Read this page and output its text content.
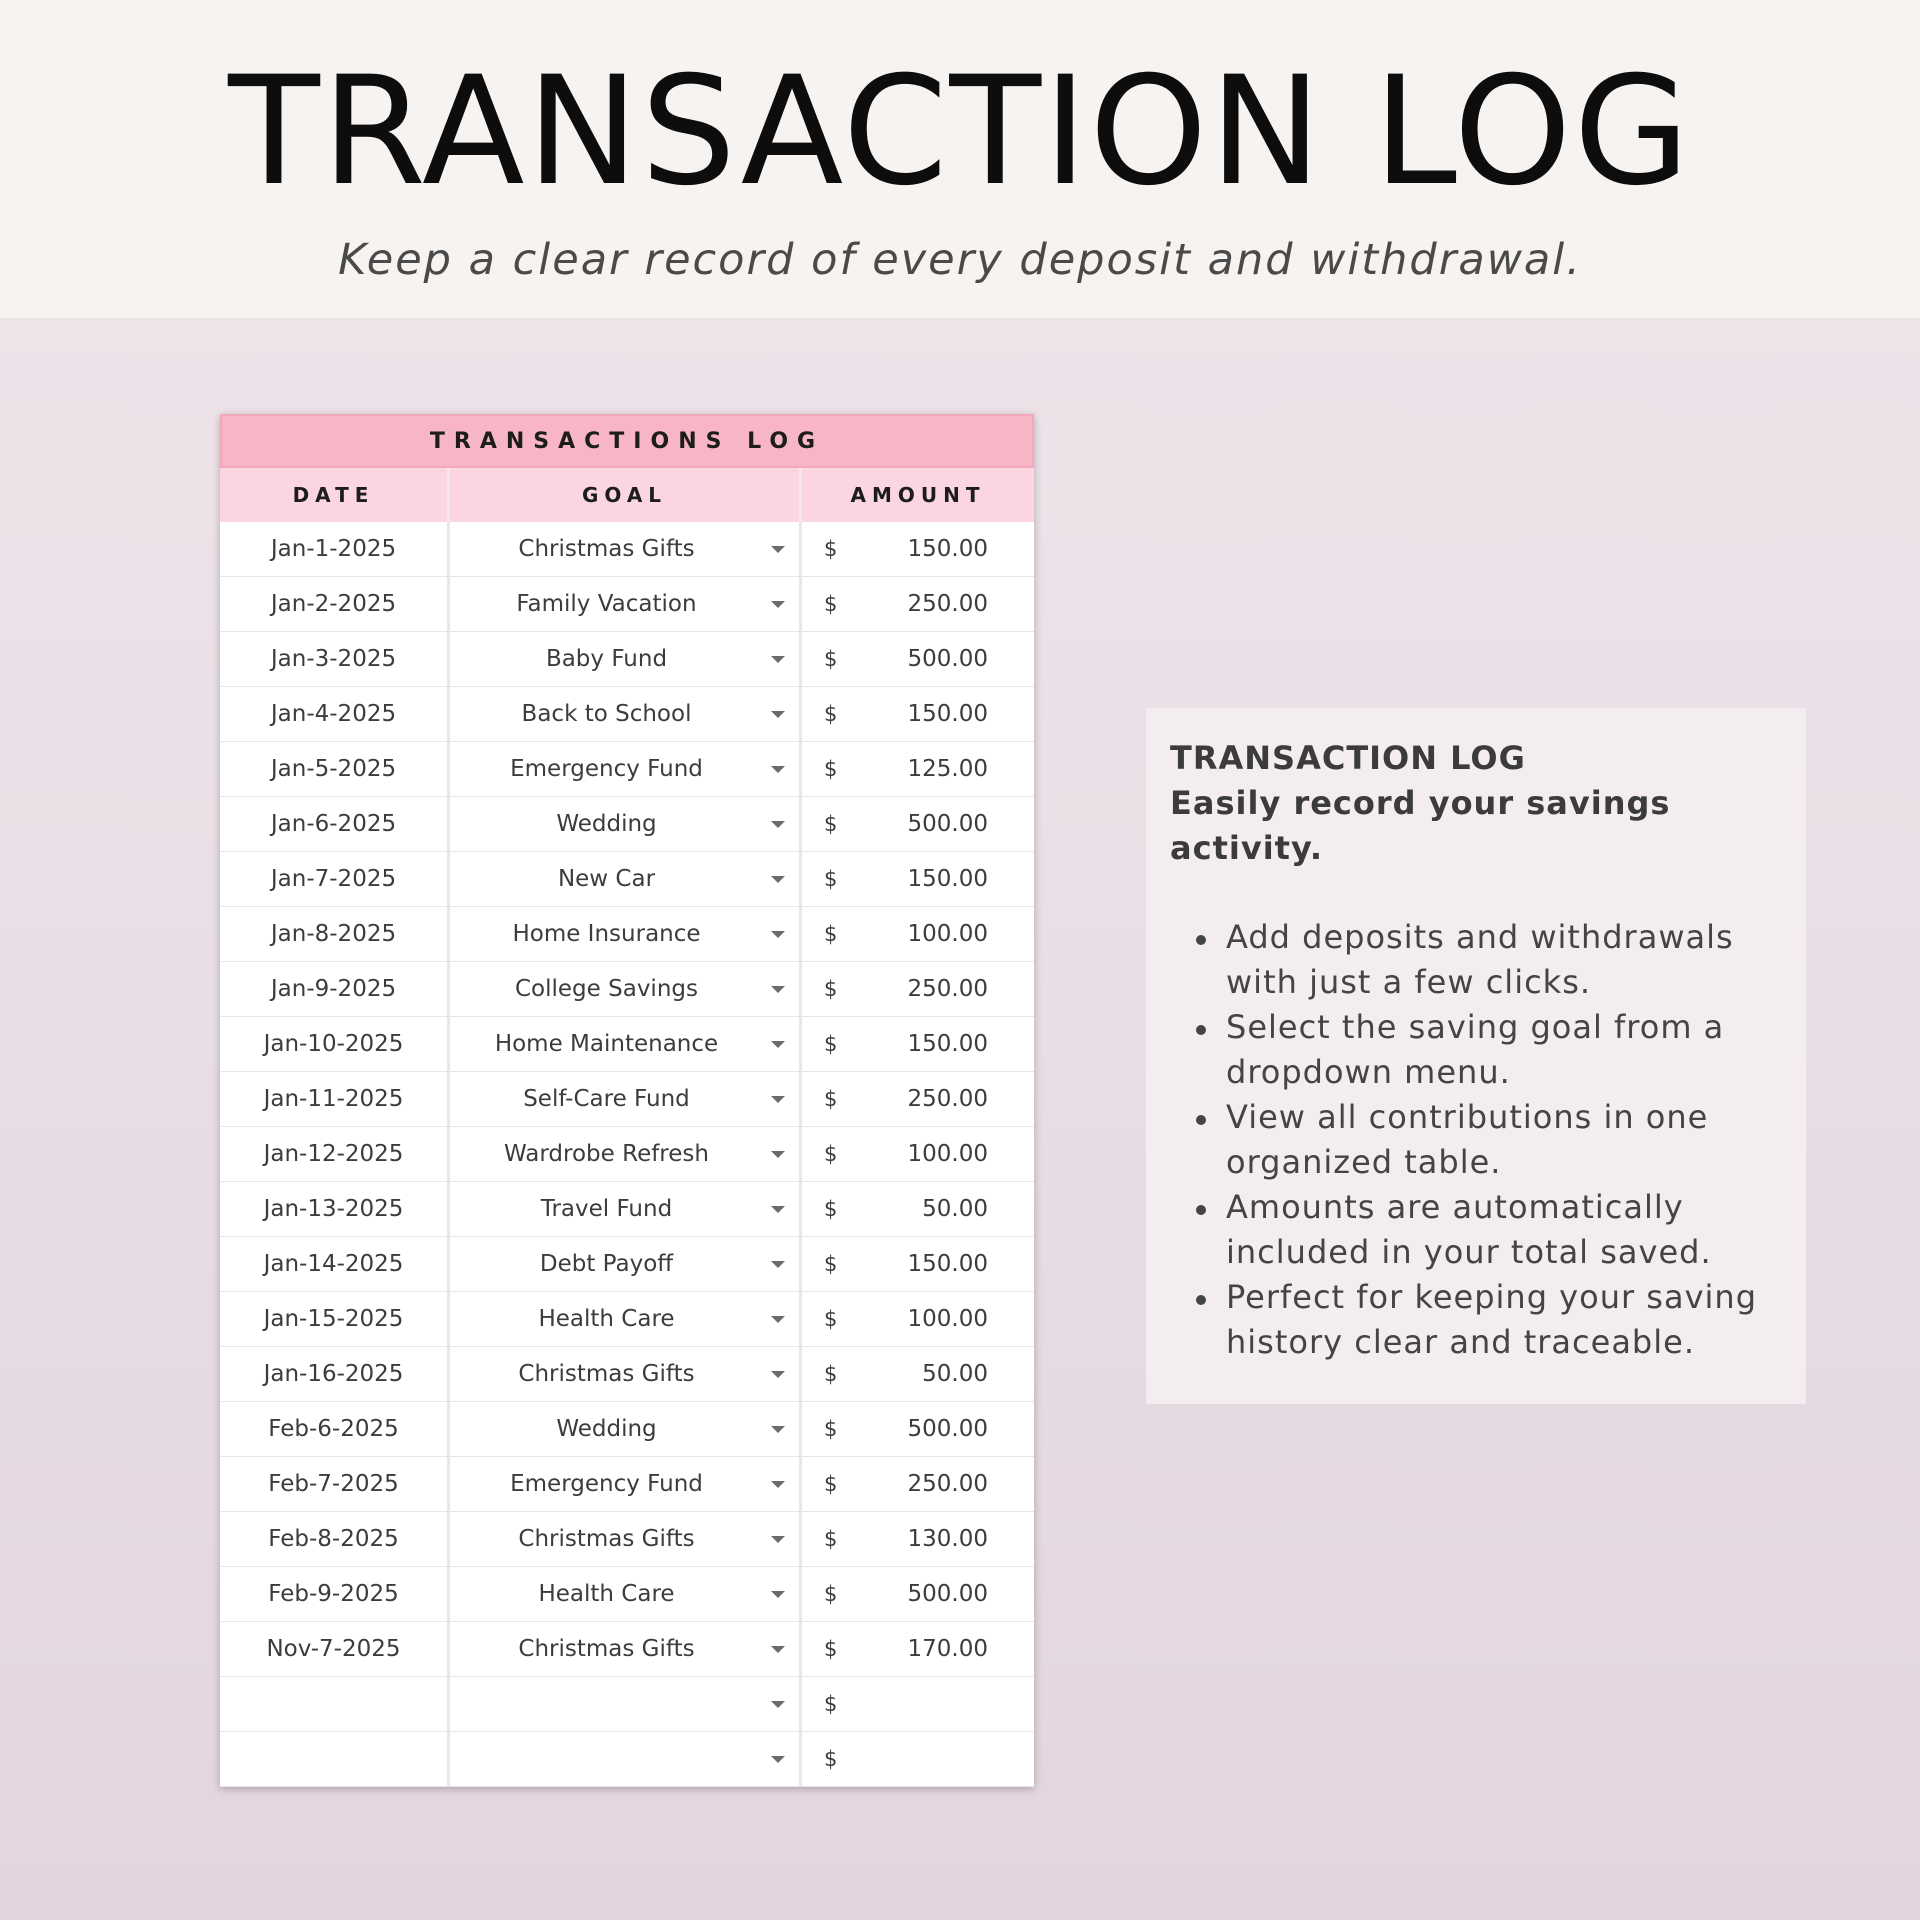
TRANSACTION LOG
Keep a clear record of every deposit and withdrawal.
TRANSACTIONS LOG
DATE	GOAL	AMOUNT
Jan-1-2025	Christmas Gifts	$	150.00
Jan-2-2025	Family Vacation	$	250.00
Jan-3-2025	Baby Fund	$	500.00
Jan-4-2025	Back to School	$	150.00
Jan-5-2025	Emergency Fund	$	125.00
Jan-6-2025	Wedding	$	500.00
Jan-7-2025	New Car	$	150.00
Jan-8-2025	Home Insurance	$	100.00
Jan-9-2025	College Savings	$	250.00
Jan-10-2025	Home Maintenance	$	150.00
Jan-11-2025	Self-Care Fund	$	250.00
Jan-12-2025	Wardrobe Refresh	$	100.00
Jan-13-2025	Travel Fund	$	50.00
Jan-14-2025	Debt Payoff	$	150.00
Jan-15-2025	Health Care	$	100.00
Jan-16-2025	Christmas Gifts	$	50.00
Feb-6-2025	Wedding	$	500.00
Feb-7-2025	Emergency Fund	$	250.00
Feb-8-2025	Christmas Gifts	$	130.00
Feb-9-2025	Health Care	$	500.00
Nov-7-2025	Christmas Gifts	$	170.00
$
$

TRANSACTION LOG

Easily record your savings activity.

Add deposits and withdrawals with just a few clicks.
Select the saving goal from a dropdown menu.
View all contributions in one organized table.
Amounts are automatically included in your total saved.
Perfect for keeping your saving history clear and traceable.
